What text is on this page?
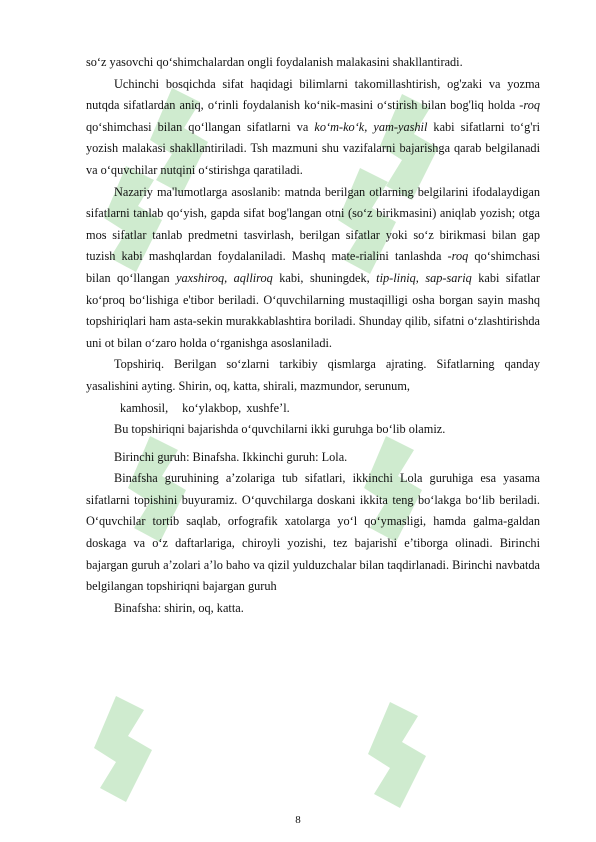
so‘z yasovchi qo‘shimchalardan ongli foydalanish malakasini shakllantiradi.

Uchinchi bosqichda sifat haqidagi bilimlarni takomillashtirish, og'zaki va yozma nutqda sifatlardan aniq, o‘rinli foydalanish ko‘nik-masini o‘stirish bilan bog'liq holda -roq qo‘shimchasi bilan qo‘llangan sifatlarni va ko‘m-ko‘k, yam-yashil kabi sifatlarni to‘g'ri yozish malakasi shakllantiriladi. Tsh mazmuni shu vazifalarni bajarishga qarab belgilanadi va o‘quvchilar nutqini o‘stirishga qaratiladi.

Nazariy ma'lumotlarga asoslanib: matnda berilgan otlarning belgilarini ifodalaydigan sifatlarni tanlab qo‘yish, gapda sifat bog'langan otni (so‘z birikmasini) aniqlab yozish; otga mos sifatlar tanlab predmetni tasvirlash, berilgan sifatlar yoki so‘z birikmasi bilan gap tuzish kabi mashqlardan foydalaniladi. Mashq mate-rialini tanlashda -roq qo‘shimchasi bilan qo‘llangan yaxshiroq, aqlliroq kabi, shuningdek, tip-liniq, sap-sariq kabi sifatlar ko‘proq bo‘lishiga e'tibor beriladi. O‘quvchilarning mustaqilligi osha borgan sayin mashq topshiriqlari ham asta-sekin murakkablashtira boriladi. Shunday qilib, sifatni o‘zlashtirishda uni ot bilan o‘zaro holda o‘rganishga asoslaniladi.

Topshiriq. Berilgan so‘zlarni tarkibiy qismlarga ajrating. Sifatlarning qanday yasalishini ayting. Shirin, oq, katta, shirali, mazmundor, serunum,

kamhosil, ko‘ylakbop, xushfe’l.

Bu topshiriqni bajarishda o‘quvchilarni ikki guruhga bo‘lib olamiz.

Birinchi guruh: Binafsha. Ikkinchi guruh: Lola.

Binafsha guruhining a’zolariga tub sifatlari, ikkinchi Lola guruhiga esa yasama sifatlarni topishini buyuramiz. O‘quvchilarga doskani ikkita teng bo‘lakga bo‘lib beriladi. O‘quvchilar tortib saqlab, orfografik xatolarga yo‘l qo‘ymasligi, hamda galma-galdan doskaga va o‘z daftarlariga, chiroyli yozishi, tez bajarishi e’tiborga olinadi. Birinchi bajargan guruh a’zolari a’lo baho va qizil yulduzchalar bilan taqdirlanadi. Birinchi navbatda belgilangan topshiriqni bajargan guruh

Binafsha: shirin, oq, katta.

8
